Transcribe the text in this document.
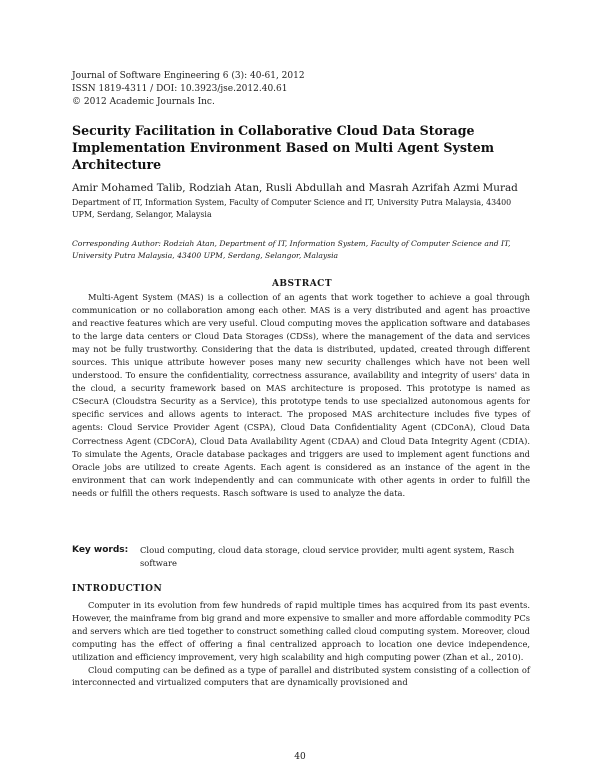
Journal of Software Engineering 6 (3): 40-61, 2012
ISSN 1819-4311 / DOI: 10.3923/jse.2012.40.61
© 2012 Academic Journals Inc.
Security Facilitation in Collaborative Cloud Data Storage Implementation Environment Based on Multi Agent System Architecture
Amir Mohamed Talib, Rodziah Atan, Rusli Abdullah and Masrah Azrifah Azmi Murad
Department of IT, Information System, Faculty of Computer Science and IT, University Putra Malaysia, 43400 UPM, Serdang, Selangor, Malaysia
Corresponding Author: Rodziah Atan, Department of IT, Information System, Faculty of Computer Science and IT, University Putra Malaysia, 43400 UPM, Serdang, Selangor, Malaysia
ABSTRACT
Multi-Agent System (MAS) is a collection of an agents that work together to achieve a goal through communication or no collaboration among each other. MAS is a very distributed and agent has proactive and reactive features which are very useful. Cloud computing moves the application software and databases to the large data centers or Cloud Data Storages (CDSs), where the management of the data and services may not be fully trustworthy. Considering that the data is distributed, updated, created through different sources. This unique attribute however poses many new security challenges which have not been well understood. To ensure the confidentiality, correctness assurance, availability and integrity of users' data in the cloud, a security framework based on MAS architecture is proposed. This prototype is named as CSecurA (Cloudstra Security as a Service), this prototype tends to use specialized autonomous agents for specific services and allows agents to interact. The proposed MAS architecture includes five types of agents: Cloud Service Provider Agent (CSPA), Cloud Data Confidentiality Agent (CDConA), Cloud Data Correctness Agent (CDCorA), Cloud Data Availability Agent (CDAA) and Cloud Data Integrity Agent (CDIA). To simulate the Agents, Oracle database packages and triggers are used to implement agent functions and Oracle jobs are utilized to create Agents. Each agent is considered as an instance of the agent in the environment that can work independently and can communicate with other agents in order to fulfill the needs or fulfill the others requests. Rasch software is used to analyze the data.
Key words:	Cloud computing, cloud data storage, cloud service provider, multi agent system, Rasch software
INTRODUCTION

Computer in its evolution from few hundreds of rapid multiple times has acquired from its past events. However, the mainframe from big grand and more expensive to smaller and more affordable commodity PCs and servers which are tied together to construct something called cloud computing system. Moreover, cloud computing has the effect of offering a final centralized approach to location one device independence, utilization and efficiency improvement, very high scalability and high computing power (Zhan et al., 2010).

Cloud computing can be defined as a type of parallel and distributed system consisting of a collection of interconnected and virtualized computers that are dynamically provisioned and

40
